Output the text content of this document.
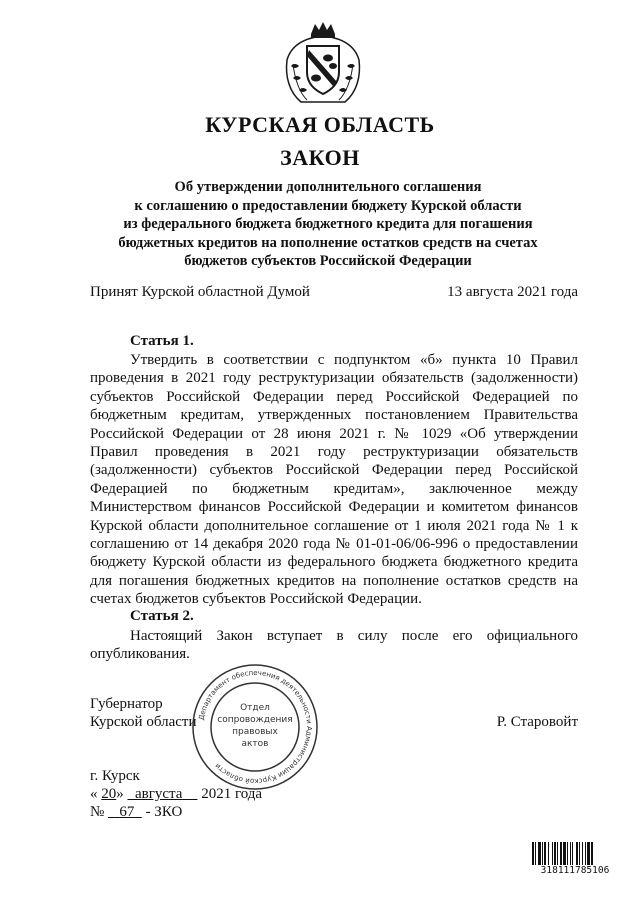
КУРСКАЯ ОБЛАСТЬ
ЗАКОН
Об утверждении дополнительного соглашения
к соглашению о предоставлении бюджету Курской области
из федерального бюджета бюджетного кредита для погашения
бюджетных кредитов на пополнение остатков средств на счетах
бюджетов субъектов Российской Федерации
Принят Курской областной Думой	13 августа 2021 года
Статья 1.
Утвердить в соответствии с подпунктом «б» пункта 10 Правил проведения в 2021 году реструктуризации обязательств (задолженности) субъектов Российской Федерации перед Российской Федерацией по бюджетным кредитам, утвержденных постановлением Правительства Российской Федерации от 28 июня 2021 г. № 1029 «Об утверждении Правил проведения в 2021 году реструктуризации обязательств (задолженности) субъектов Российской Федерации перед Российской Федерацией по бюджетным кредитам», заключенное между Министерством финансов Российской Федерации и комитетом финансов Курской области дополнительное соглашение от 1 июля 2021 года № 1 к соглашению от 14 декабря 2020 года № 01-01-06/06-996 о предоставлении бюджету Курской области из федерального бюджета бюджетного кредита для погашения бюджетных кредитов на пополнение остатков средств на счетах бюджетов субъектов Российской Федерации.
Статья 2.
Настоящий Закон вступает в силу после его официального опубликования.
Губернатор
Курской области	Р. Старовойт
Департамент обеспечения деятельности Администрации Курской области
Отдел
сопровождения
правовых
актов
г. Курск
« 20» августа 2021 года
№ 67 - ЗКО
318111785106
